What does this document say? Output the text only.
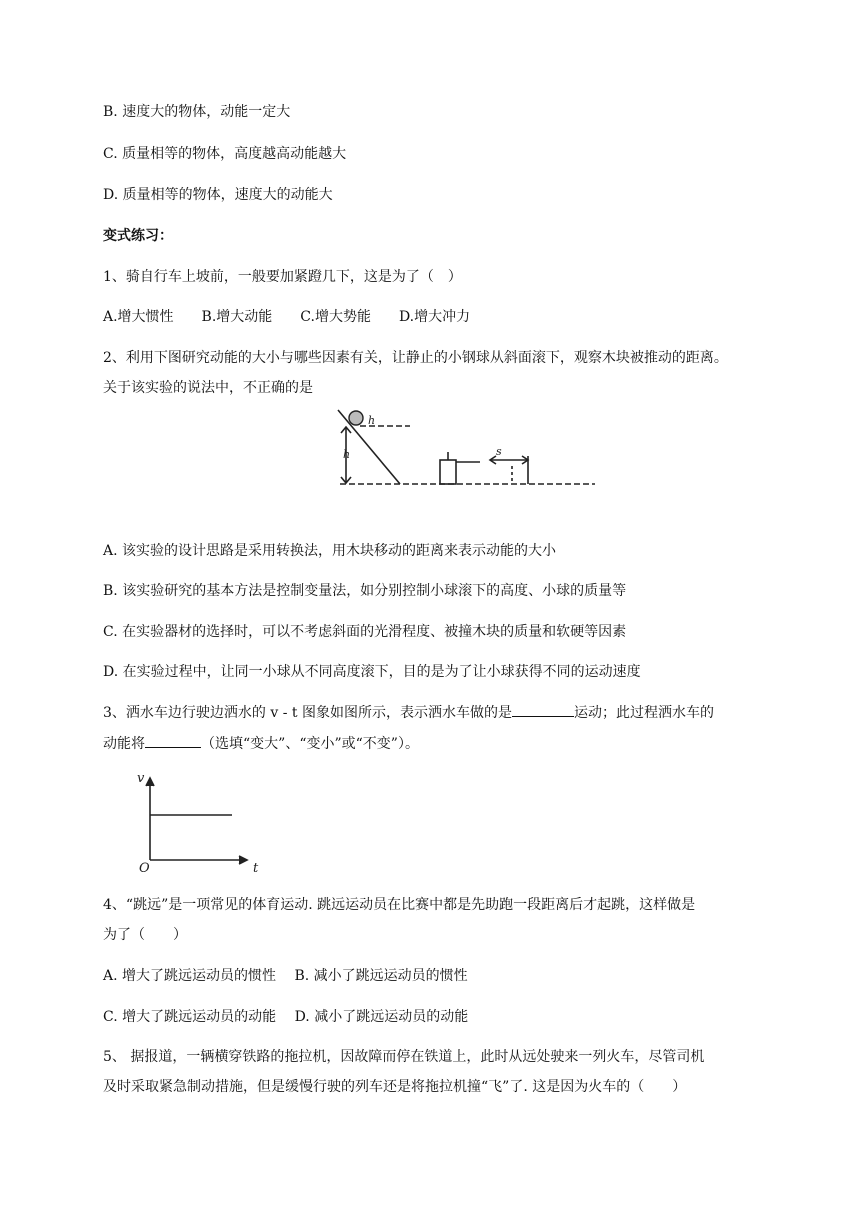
B. 速度大的物体，动能一定大
C. 质量相等的物体，高度越高动能越大
D. 质量相等的物体，速度大的动能大
变式练习：
1、骑自行车上坡前，一般要加紧蹬几下，这是为了（　）
A.增大惯性　　B.增大动能　　C.增大势能　　D.增大冲力
2、利用下图研究动能的大小与哪些因素有关，让静止的小钢球从斜面滚下，观察木块被推动的距离。
关于该实验的说法中，不正确的是
h
h	s
A. 该实验的设计思路是采用转换法，用木块移动的距离来表示动能的大小
B. 该实验研究的基本方法是控制变量法，如分别控制小球滚下的高度、小球的质量等
C. 在实验器材的选择时，可以不考虑斜面的光滑程度、被撞木块的质量和软硬等因素
D. 在实验过程中，让同一小球从不同高度滚下，目的是为了让小球获得不同的运动速度
3、洒水车边行驶边洒水的 v - t 图象如图所示，表示洒水车做的是	运动；此过程洒水车的
动能将	（选填“变大”、“变小”或“不变”）。
v
O	t
4、“跳远”是一项常见的体育运动. 跳远运动员在比赛中都是先助跑一段距离后才起跳，这样做是
为了（　　）
A. 增大了跳远运动员的惯性　 B. 减小了跳远运动员的惯性
C. 增大了跳远运动员的动能　 D. 减小了跳远运动员的动能
5、 据报道，一辆横穿铁路的拖拉机，因故障而停在铁道上，此时从远处驶来一列火车，尽管司机
及时采取紧急制动措施，但是缓慢行驶的列车还是将拖拉机撞“飞”了. 这是因为火车的（　　）
